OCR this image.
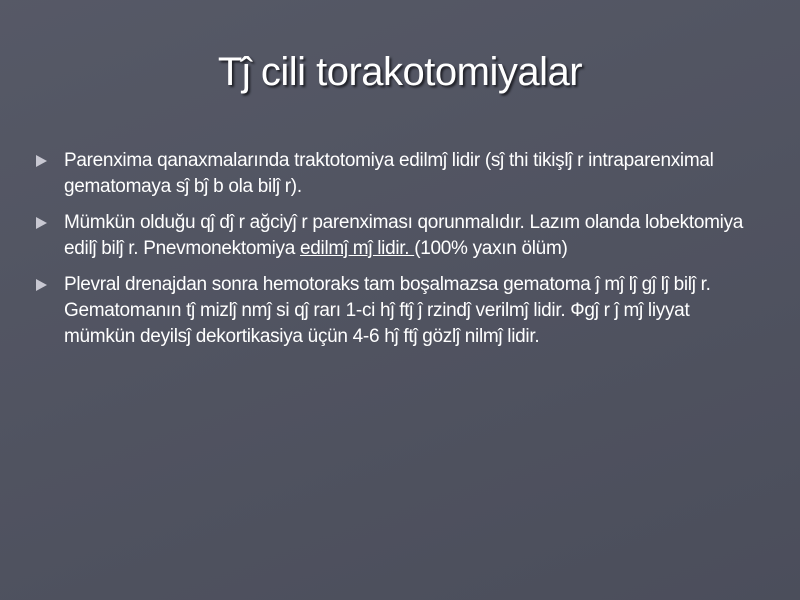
Tĵ cili torakotomiyalar
Parenxima qanaxmalarında traktotomiya edilmĵ lidir (sĵ thi tikişlĵ r intraparenximal gematomaya sĵ bĵ b ola bilĵ r).
Mümkün olduğu qĵ dĵ r ağciyĵ r parenximası qorunmalıdır. Lazım olanda lobektomiya edilĵ bilĵ r. Pnevmonektomiya edilmĵ mĵ lidir. (100% yaxın ölüm)
Plevral drenajdan sonra hemotoraks tam boşalmazsa gematoma ĵ mĵ lĵ gĵ lĵ bilĵ r. Gematomanın tĵ mizlĵ nmĵ si qĵ rarı 1-ci hĵ ftĵ ĵ rzindĵ verilmĵ lidir. Фgĵ r ĵ mĵ liyyat mümkün deyilsĵ dekortikasiya üçün 4-6 hĵ ftĵ gözlĵ nilmĵ lidir.
